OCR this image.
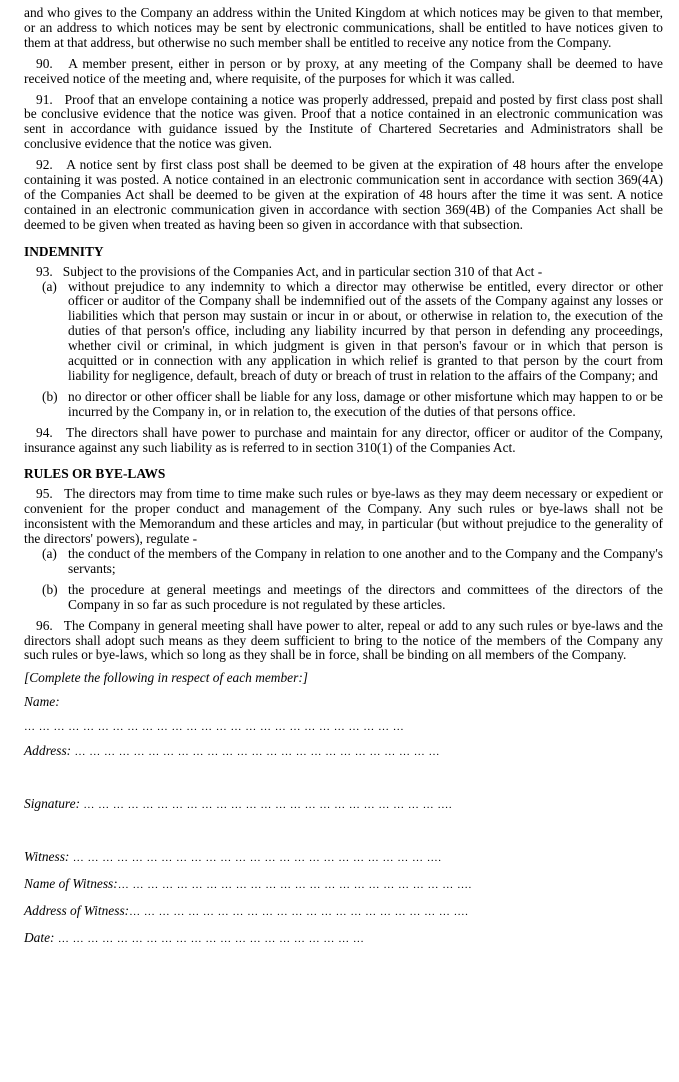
and who gives to the Company an address within the United Kingdom at which notices may be given to that member, or an address to which notices may be sent by electronic communications, shall be entitled to have notices given to them at that address, but otherwise no such member shall be entitled to receive any notice from the Company.

90. A member present, either in person or by proxy, at any meeting of the Company shall be deemed to have received notice of the meeting and, where requisite, of the purposes for which it was called.

91. Proof that an envelope containing a notice was properly addressed, prepaid and posted by first class post shall be conclusive evidence that the notice was given. Proof that a notice contained in an electronic communication was sent in accordance with guidance issued by the Institute of Chartered Secretaries and Administrators shall be conclusive evidence that the notice was given.

92. A notice sent by first class post shall be deemed to be given at the expiration of 48 hours after the envelope containing it was posted. A notice contained in an electronic communication sent in accordance with section 369(4A) of the Companies Act shall be deemed to be given at the expiration of 48 hours after the time it was sent. A notice contained in an electronic communication given in accordance with section 369(4B) of the Companies Act shall be deemed to be given when treated as having been so given in accordance with that subsection.

INDEMNITY

93. Subject to the provisions of the Companies Act, and in particular section 310 of that Act -

(a) without prejudice to any indemnity to which a director may otherwise be entitled, every director or other officer or auditor of the Company shall be indemnified out of the assets of the Company against any losses or liabilities which that person may sustain or incur in or about, or otherwise in relation to, the execution of the duties of that person's office, including any liability incurred by that person in defending any proceedings, whether civil or criminal, in which judgment is given in that person's favour or in which that person is acquitted or in connection with any application in which relief is granted to that person by the court from liability for negligence, default, breach of duty or breach of trust in relation to the affairs of the Company; and
(b) no director or other officer shall be liable for any loss, damage or other misfortune which may happen to or be incurred by the Company in, or in relation to, the execution of the duties of that persons office.

94. The directors shall have power to purchase and maintain for any director, officer or auditor of the Company, insurance against any such liability as is referred to in section 310(1) of the Companies Act.

RULES OR BYE-LAWS

95. The directors may from time to time make such rules or bye-laws as they may deem necessary or expedient or convenient for the proper conduct and management of the Company. Any such rules or bye-laws shall not be inconsistent with the Memorandum and these articles and may, in particular (but without prejudice to the generality of the directors' powers), regulate -

(a) the conduct of the members of the Company in relation to one another and to the Company and the Company's servants;
(b) the procedure at general meetings and meetings of the directors and committees of the directors of the Company in so far as such procedure is not regulated by these articles.

96. The Company in general meeting shall have power to alter, repeal or add to any such rules or bye-laws and the directors shall adopt such means as they deem sufficient to bring to the notice of the members of the Company any such rules or bye-laws, which so long as they shall be in force, shall be binding on all members of the Company.

[Complete the following in respect of each member:]

Name:

… … … … … … … … … … … … … … … … … … … … … … … … … …

Address: … … … … … … … … … … … … … … … … … … … … … … … … …

Signature: … … … … … … … … … … … … … … … … … … … … … … … … ….

Witness: … … … … … … … … … … … … … … … … … … … … … … … … ….

Name of Witness:… … … … … … … … … … … … … … … … … … … … … … … ….

Address of Witness:… … … … … … … … … … … … … … … … … … … … … … ….

Date: … … … … … … … … … … … … … … … … … … … … …
